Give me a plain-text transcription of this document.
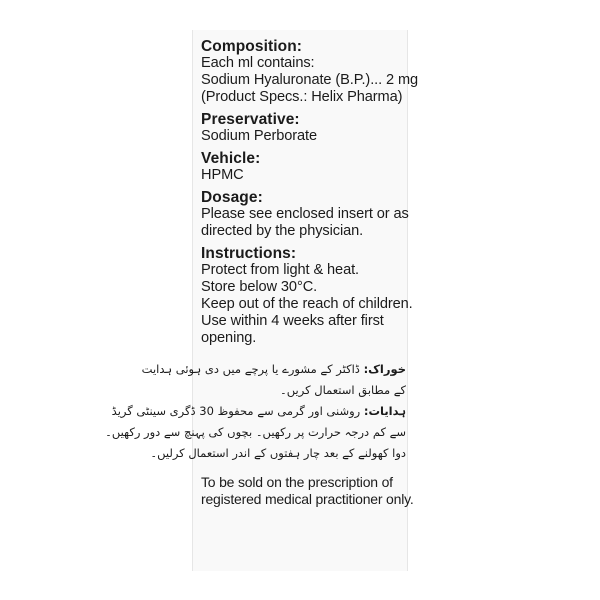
Composition:

Each ml contains:

Sodium Hyaluronate (B.P.)... 2 mg

(Product Specs.: Helix Pharma)

Preservative:

Sodium Perborate

Vehicle:

HPMC

Dosage:

Please see enclosed insert or as

directed by the physician.

Instructions:

Protect from light & heat.

Store below 30°C.

Keep out of the reach of children.

Use within 4 weeks after first

opening.

خوراک: ڈاکٹر کے مشورے یا پرچے میں دی ہوئی ہدایت

کے مطابق استعمال کریں۔

ہدایات: روشنی اور گرمی سے محفوظ 30 ڈگری سینٹی گریڈ

سے کم درجہ حرارت پر رکھیں۔ بچوں کی پہنچ سے دور رکھیں۔

دوا کھولنے کے بعد چار ہفتوں کے اندر استعمال کرلیں۔

To be sold on the prescription of

registered medical practitioner only.
